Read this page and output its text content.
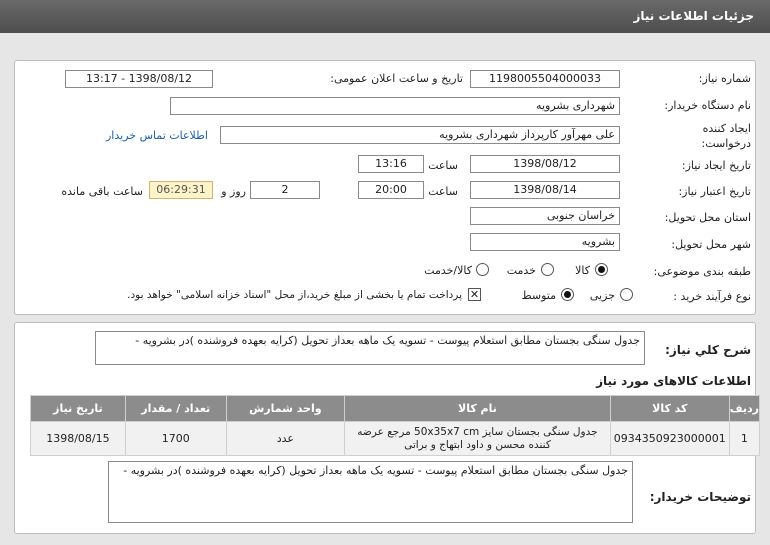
جزئیات اطلاعات نیاز
شماره نیاز:
1198005504000033
تاریخ و ساعت اعلان عمومی:
1398/08/12 - 13:17
نام دستگاه خریدار:
شهرداری بشرویه
ایجاد کننده
درخواست:
علی مهرآور کارپرداز شهرداری بشرویه
اطلاعات تماس خریدار
تاریخ ایجاد نیاز:
1398/08/12
ساعت
13:16
تاریخ اعتبار نیاز:
1398/08/14
ساعت
20:00
2
روز و
06:29:31
ساعت باقی مانده
استان محل تحویل:
خراسان جنوبی
شهر محل تحویل:
بشرویه
طبقه بندی موضوعی:
کالا
خدمت
کالا/خدمت
نوع فرآیند خرید :
جزیی
متوسط
✕
پرداخت تمام یا بخشی از مبلغ خرید،از محل "اسناد خزانه اسلامی" خواهد بود.
شرح کلي نياز:
جدول سنگی بجستان مطابق استعلام پیوست - تسویه یک ماهه بعداز تحویل (کرایه بعهده فروشنده )در بشرویه -
اطلاعات کالاهای مورد نیاز
ردیف	کد کالا	نام کالا	واحد شمارش	تعداد / مقدار	تاریخ نیاز
1	0934350923000001	جدول سنگی بجستان سایز 50x35x7 cm مرجع عرضه کننده محسن و داود ابتهاج و براتی	عدد	1700	1398/08/15
توضیحات خریدار:
جدول سنگی بجستان مطابق استعلام پیوست - تسویه یک ماهه بعداز تحویل (کرایه بعهده فروشنده )در بشرویه -
